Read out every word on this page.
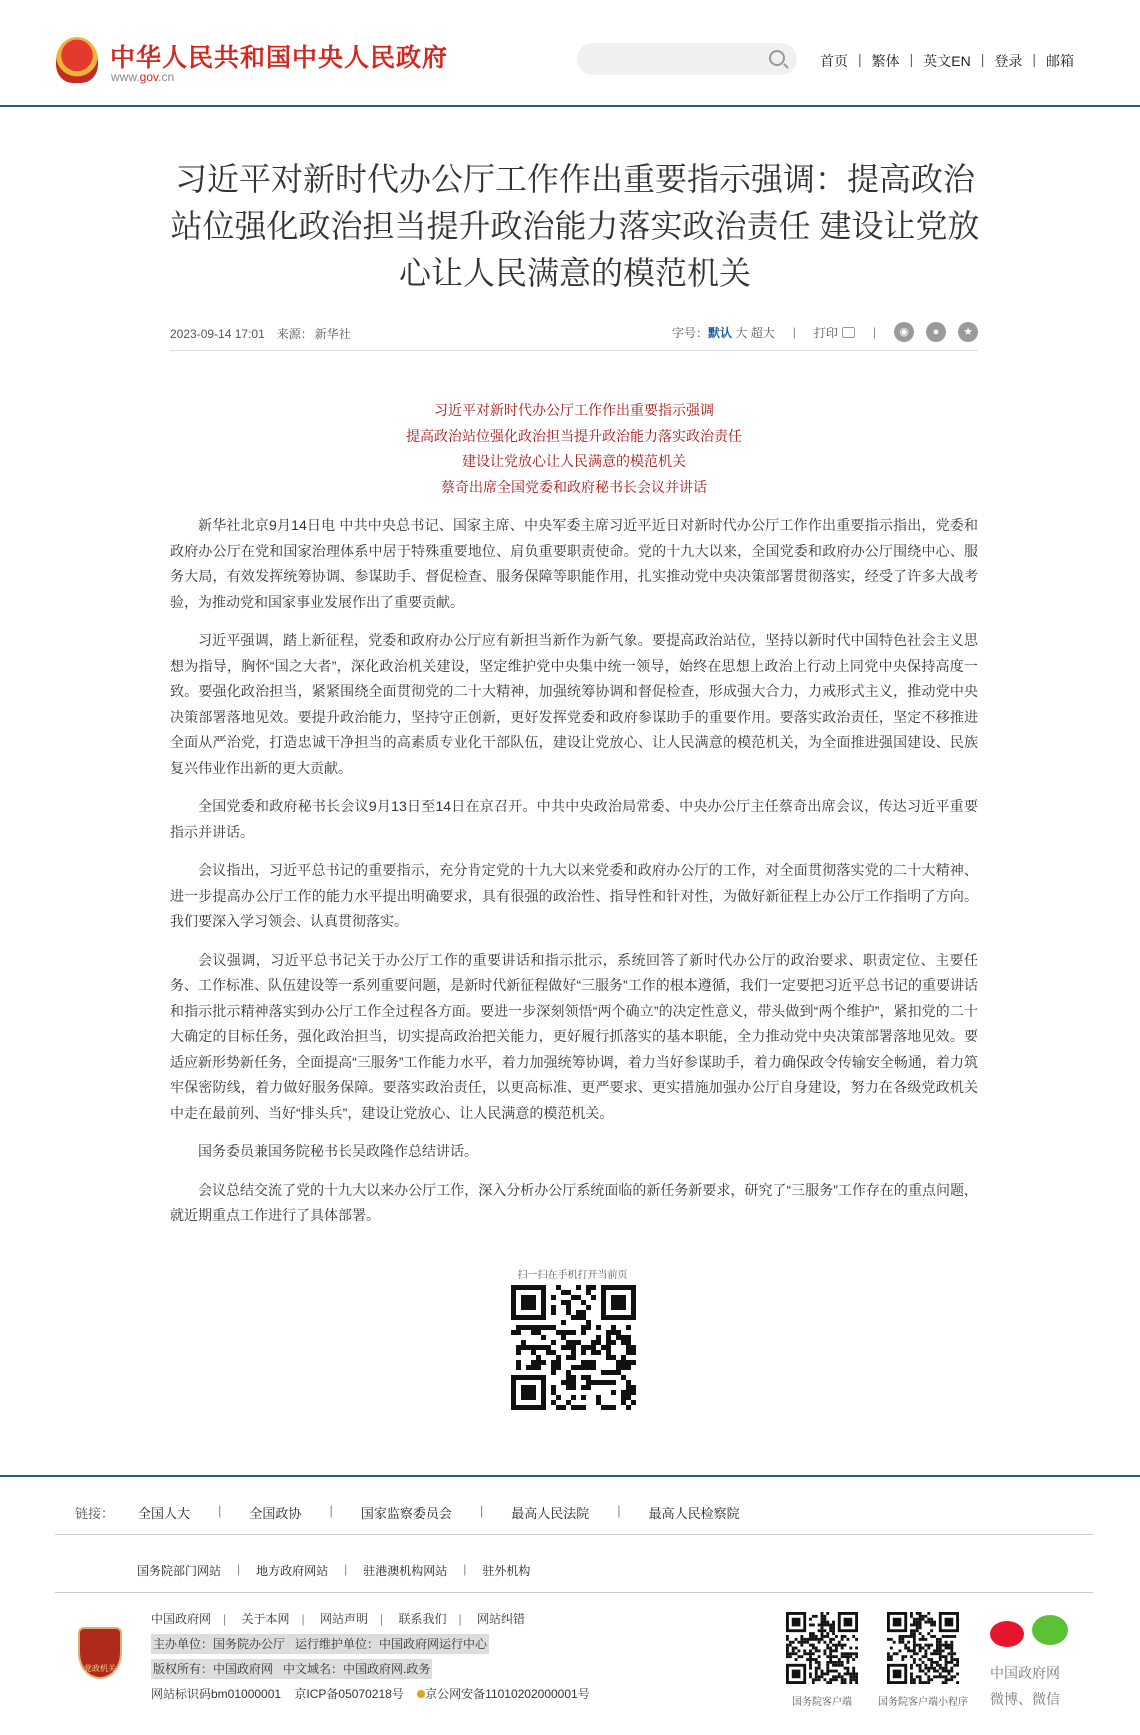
中华人民共和国中央人民政府
www.gov.cn
首页 | 繁体 | 英文EN | 登录 | 邮箱
习近平对新时代办公厅工作作出重要指示强调：提高政治站位强化政治担当提升政治能力落实政治责任 建设让党放心让人民满意的模范机关
2023-09-14 17:01 来源： 新华社	字号： 默认
大
超大 | 打印	|	◉	●	★
习近平对新时代办公厅工作作出重要指示强调
提高政治站位强化政治担当提升政治能力落实政治责任
建设让党放心让人民满意的模范机关
蔡奇出席全国党委和政府秘书长会议并讲话

新华社北京9月14日电 中共中央总书记、国家主席、中央军委主席习近平近日对新时代办公厅工作作出重要指示指出，党委和政府办公厅在党和国家治理体系中居于特殊重要地位、肩负重要职责使命。党的十九大以来，全国党委和政府办公厅围绕中心、服务大局，有效发挥统筹协调、参谋助手、督促检查、服务保障等职能作用，扎实推动党中央决策部署贯彻落实，经受了许多大战考验，为推动党和国家事业发展作出了重要贡献。

习近平强调，踏上新征程，党委和政府办公厅应有新担当新作为新气象。要提高政治站位，坚持以新时代中国特色社会主义思想为指导，胸怀“国之大者”，深化政治机关建设，坚定维护党中央集中统一领导，始终在思想上政治上行动上同党中央保持高度一致。要强化政治担当，紧紧围绕全面贯彻党的二十大精神，加强统筹协调和督促检查，形成强大合力，力戒形式主义，推动党中央决策部署落地见效。要提升政治能力，坚持守正创新，更好发挥党委和政府参谋助手的重要作用。要落实政治责任，坚定不移推进全面从严治党，打造忠诚干净担当的高素质专业化干部队伍，建设让党放心、让人民满意的模范机关，为全面推进强国建设、民族复兴伟业作出新的更大贡献。

全国党委和政府秘书长会议9月13日至14日在京召开。中共中央政治局常委、中央办公厅主任蔡奇出席会议，传达习近平重要指示并讲话。

会议指出，习近平总书记的重要指示，充分肯定党的十九大以来党委和政府办公厅的工作，对全面贯彻落实党的二十大精神、进一步提高办公厅工作的能力水平提出明确要求，具有很强的政治性、指导性和针对性，为做好新征程上办公厅工作指明了方向。我们要深入学习领会、认真贯彻落实。

会议强调，习近平总书记关于办公厅工作的重要讲话和指示批示，系统回答了新时代办公厅的政治要求、职责定位、主要任务、工作标准、队伍建设等一系列重要问题，是新时代新征程做好“三服务”工作的根本遵循，我们一定要把习近平总书记的重要讲话和指示批示精神落实到办公厅工作全过程各方面。要进一步深刻领悟“两个确立”的决定性意义，带头做到“两个维护”，紧扣党的二十大确定的目标任务，强化政治担当，切实提高政治把关能力，更好履行抓落实的基本职能，全力推动党中央决策部署落地见效。要适应新形势新任务，全面提高“三服务”工作能力水平，着力加强统筹协调，着力当好参谋助手，着力确保政令传输安全畅通，着力筑牢保密防线，着力做好服务保障。要落实政治责任，以更高标准、更严要求、更实措施加强办公厅自身建设，努力在各级党政机关中走在最前列、当好“排头兵”，建设让党放心、让人民满意的模范机关。

国务委员兼国务院秘书长吴政隆作总结讲话。

会议总结交流了党的十九大以来办公厅工作，深入分析办公厅系统面临的新任务新要求，研究了“三服务”工作存在的重点问题，就近期重点工作进行了具体部署。

扫一扫在手机打开当前页
链接： 全国人大 | 全国政协 | 国家监察委员会 | 最高人民法院 | 最高人民检察院
国务院部门网站 | 地方政府网站 | 驻港澳机构网站 | 驻外机构
党政机关
中国政府网 | 关于本网 | 网站声明 | 联系我们 | 网站纠错
主办单位：国务院办公厅 运行维护单位：中国政府网运行中心
版权所有：中国政府网 中文域名：中国政府网.政务
网站标识码bm01000001 京ICP备05070218号 京公网安备11010202000001号
国务院客户端	国务院客户端小程序
中国政府网
微博、微信
